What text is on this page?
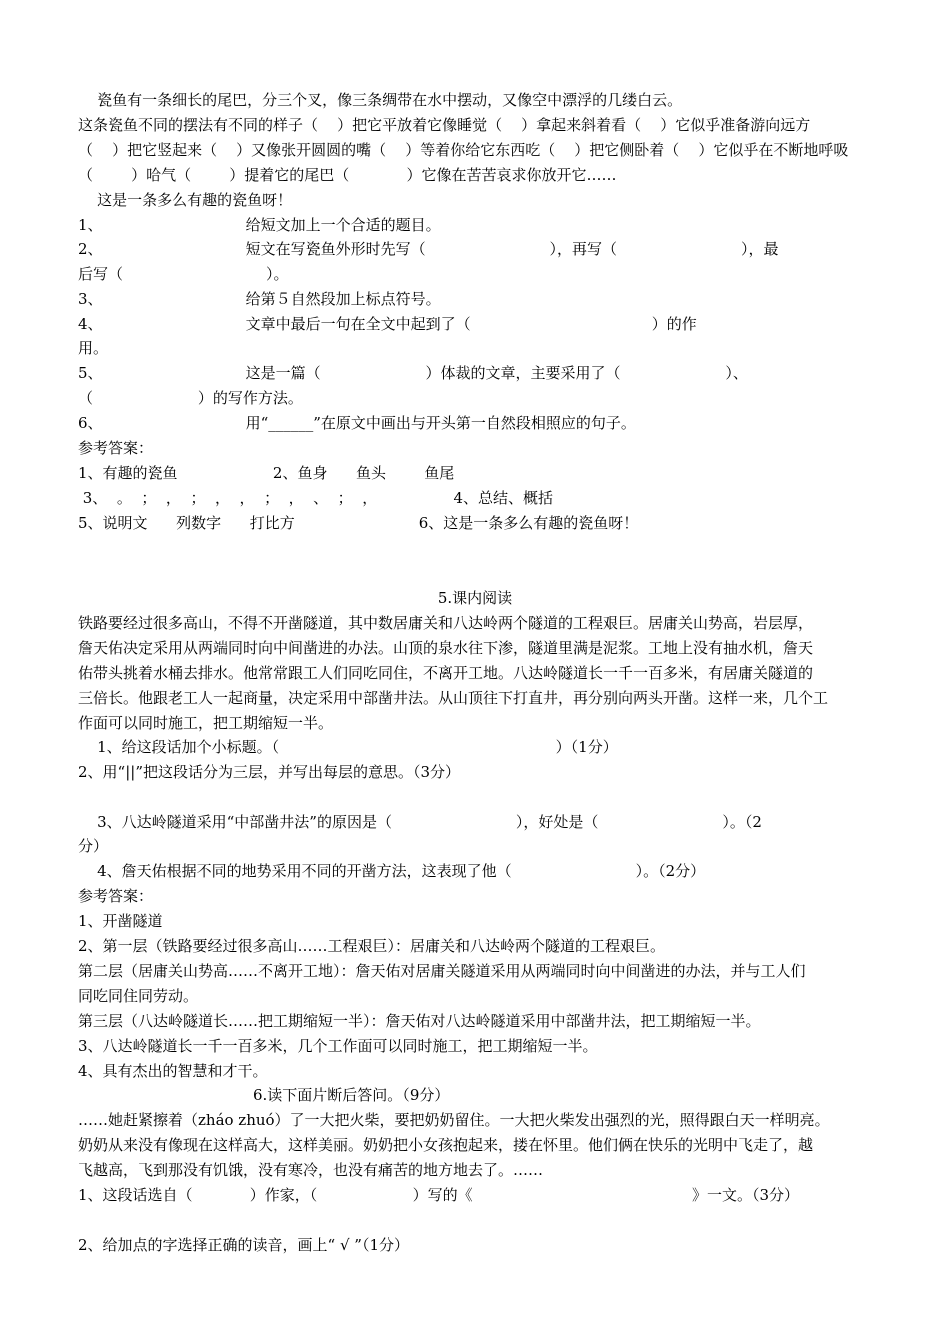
瓷鱼有一条细长的尾巴，分三个叉，像三条绸带在水中摆动，又像空中漂浮的几缕白云。
这条瓷鱼不同的摆法有不同的样子（    ）把它平放着它像睡觉（    ）拿起来斜着看（    ）它似乎准备游向远方
（    ）把它竖起来（    ）又像张开圆圆的嘴（    ）等着你给它东西吃（    ）把它侧卧着（    ）它似乎在不断地呼吸
（        ）哈气（        ）提着它的尾巴（            ）它像在苦苦哀求你放开它……
这是一条多么有趣的瓷鱼呀！
1、                              给短文加上一个合适的题目。
2、                              短文在写瓷鱼外形时先写（                          ），再写（                          ），最
后写（                              ）。
3、                              给第５自然段加上标点符号。
4、                              文章中最后一句在全文中起到了（                                      ）的作
用。
5、                              这是一篇（                      ）体裁的文章，主要采用了（                      ）、
（                      ）的写作方法。
6、                              用“______”在原文中画出与开头第一自然段相照应的句子。
参考答案：
1、有趣的瓷鱼                    2、鱼身      鱼头        鱼尾
3、  。  ；  ，  ；  ，  ，  ；  ，  、  ；  ，                4、总结、概括
5、说明文      列数字      打比方                          6、这是一条多么有趣的瓷鱼呀！
5.课内阅读
铁路要经过很多高山，不得不开凿隧道，其中数居庸关和八达岭两个隧道的工程艰巨。居庸关山势高，岩层厚，
詹天佑决定采用从两端同时向中间凿进的办法。山顶的泉水往下渗，隧道里满是泥浆。工地上没有抽水机，詹天
佑带头挑着水桶去排水。他常常跟工人们同吃同住，不离开工地。八达岭隧道长一千一百多米，有居庸关隧道的
三倍长。他跟老工人一起商量，决定采用中部凿井法。从山顶往下打直井，再分别向两头开凿。这样一来，几个工
作面可以同时施工，把工期缩短一半。
1、给这段话加个小标题。（                                                          ）（1分）
2、用“||”把这段话分为三层，并写出每层的意思。（3分）
3、八达岭隧道采用“中部凿井法”的原因是（                          ），好处是（                          ）。（2
分）
4、詹天佑根据不同的地势采用不同的开凿方法，这表现了他（                          ）。（2分）
参考答案：
1、开凿隧道
2、第一层（铁路要经过很多高山……工程艰巨）：居庸关和八达岭两个隧道的工程艰巨。
第二层（居庸关山势高……不离开工地）：詹天佑对居庸关隧道采用从两端同时向中间凿进的办法，并与工人们
同吃同住同劳动。
第三层（八达岭隧道长……把工期缩短一半）：詹天佑对八达岭隧道采用中部凿井法，把工期缩短一半。
3、八达岭隧道长一千一百多米，几个工作面可以同时施工，把工期缩短一半。
4、具有杰出的智慧和才干。
6.读下面片断后答问。（9分）
……她赶紧擦着（zháo zhuó）了一大把火柴，要把奶奶留住。一大把火柴发出强烈的光，照得跟白天一样明亮。
奶奶从来没有像现在这样高大，这样美丽。奶奶把小女孩抱起来，搂在怀里。他们俩在快乐的光明中飞走了，越
飞越高，飞到那没有饥饿，没有寒冷，也没有痛苦的地方地去了。……
1、这段话选自（            ）作家，（                    ）写的《                                              》一文。（3分）
2、给加点的字选择正确的读音，画上“ √ ”（1分）
